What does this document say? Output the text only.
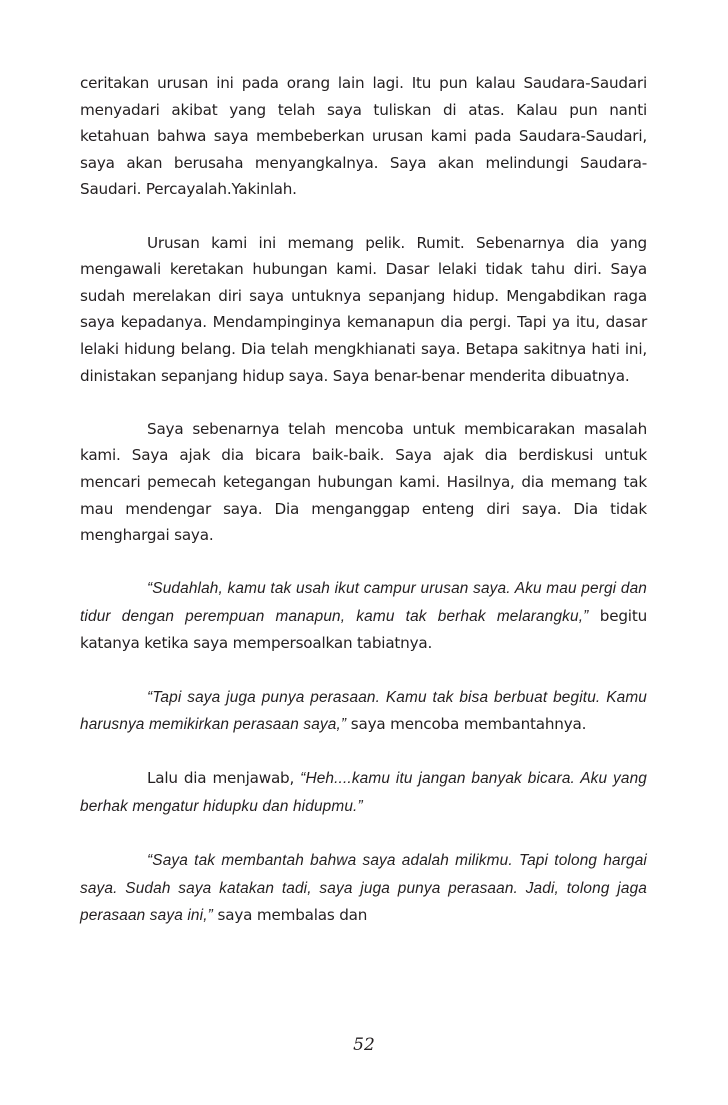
ceritakan urusan ini pada orang lain lagi. Itu pun kalau Saudara-Saudari menyadari akibat yang telah saya tuliskan di atas. Kalau pun nanti ketahuan bahwa saya membeberkan urusan kami pada Saudara-Saudari, saya akan berusaha menyangkalnya. Saya akan melindungi Saudara-Saudari. Percayalah.Yakinlah.

Urusan kami ini memang pelik. Rumit. Sebenarnya dia yang mengawali keretakan hubungan kami. Dasar lelaki tidak tahu diri. Saya sudah merelakan diri saya untuknya sepanjang hidup. Mengabdikan raga saya kepadanya. Mendampinginya kemanapun dia pergi. Tapi ya itu, dasar lelaki hidung belang. Dia telah mengkhianati saya. Betapa sakitnya hati ini, dinistakan sepanjang hidup saya. Saya benar-benar menderita dibuatnya.

Saya sebenarnya telah mencoba untuk membicarakan masalah kami. Saya ajak dia bicara baik-baik. Saya ajak dia berdiskusi untuk mencari pemecah ketegangan hubungan kami. Hasilnya, dia memang tak mau mendengar saya. Dia menganggap enteng diri saya. Dia tidak menghargai saya.

“Sudahlah, kamu tak usah ikut campur urusan saya. Aku mau pergi dan tidur dengan perempuan manapun, kamu tak berhak melarangku,” begitu katanya ketika saya mempersoalkan tabiatnya.

“Tapi saya juga punya perasaan. Kamu tak bisa berbuat begitu. Kamu harusnya memikirkan perasaan saya,” saya mencoba membantahnya.

Lalu dia menjawab, “Heh....kamu itu jangan banyak bicara. Aku yang berhak mengatur hidupku dan hidupmu.”

“Saya tak membantah bahwa saya adalah milikmu. Tapi tolong hargai saya. Sudah saya katakan tadi, saya juga punya perasaan. Jadi, tolong jaga perasaan saya ini,” saya membalas dan

52
